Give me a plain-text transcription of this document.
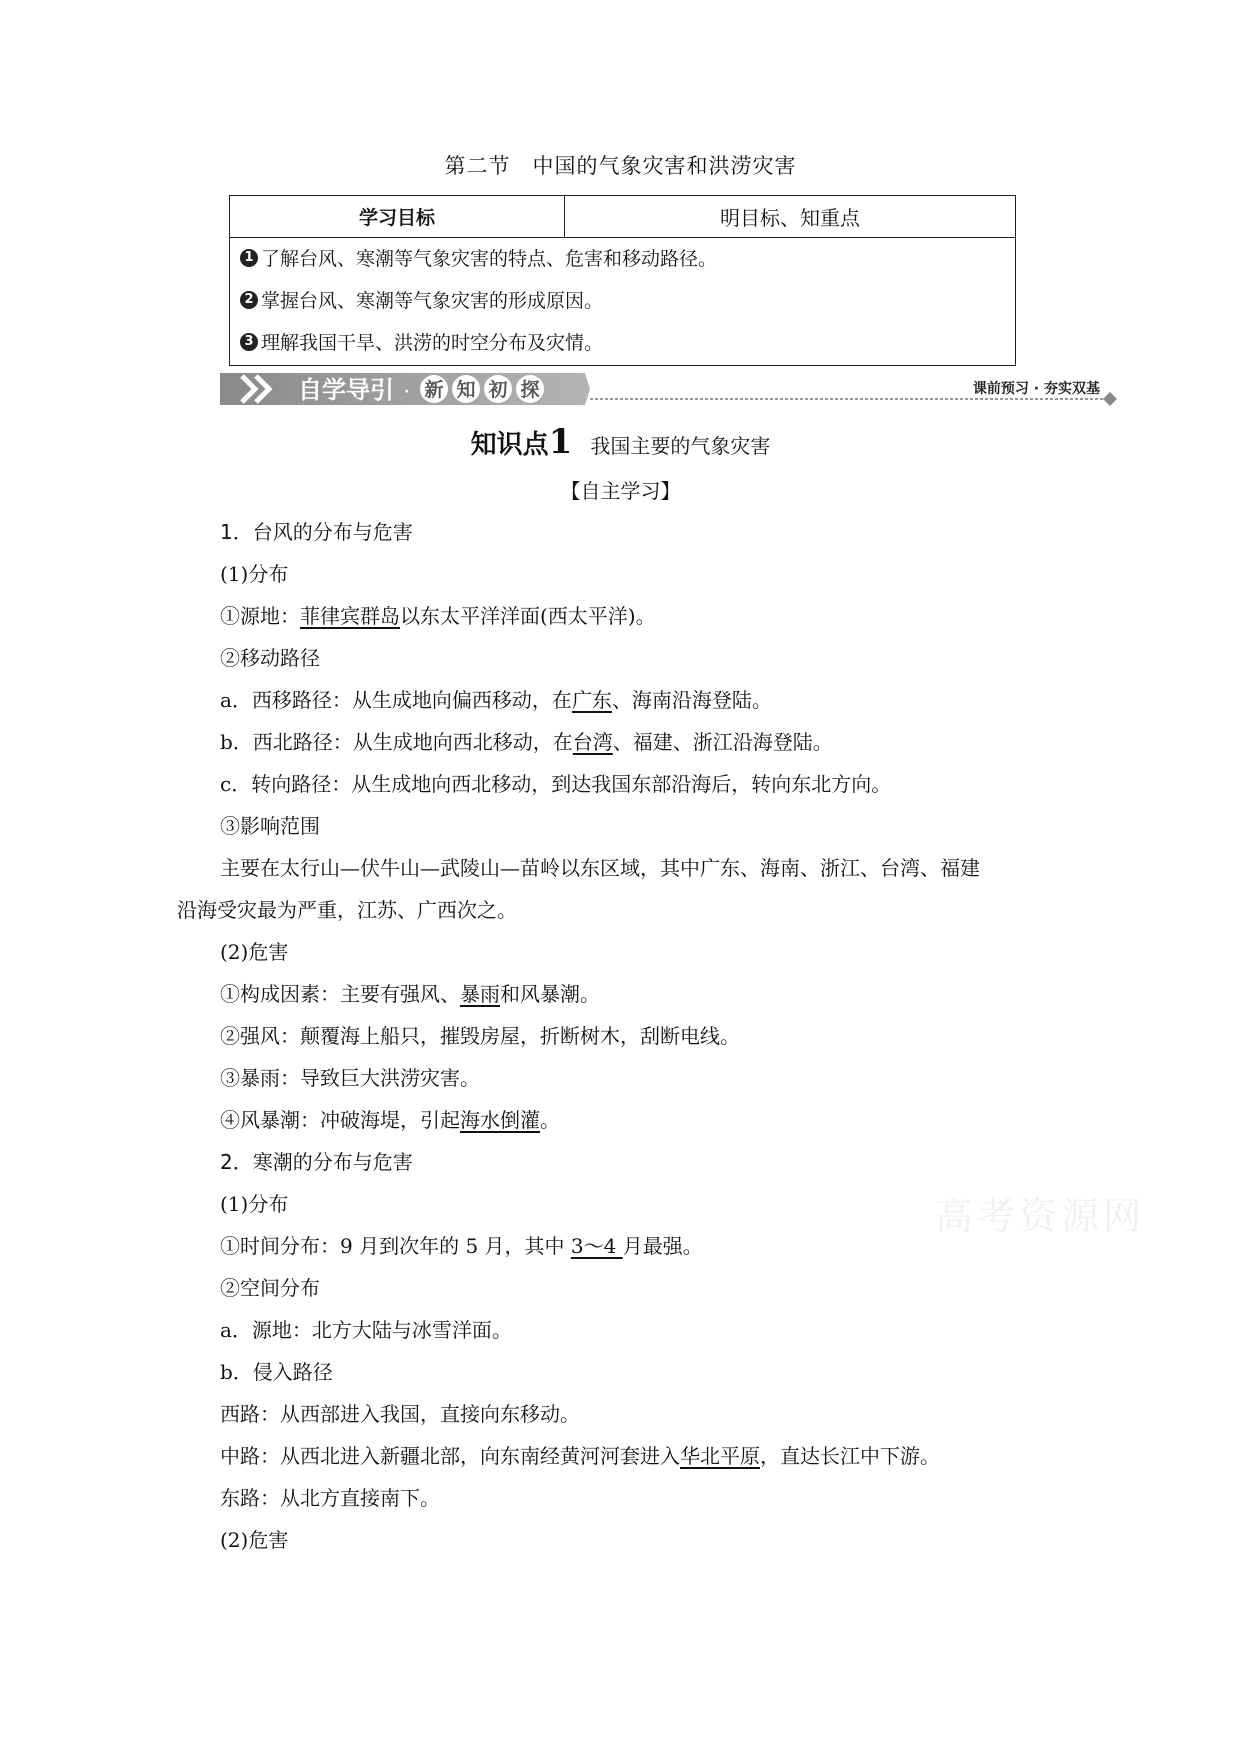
第二节　中国的气象灾害和洪涝灾害
学习目标	明目标、知重点
1 了解台风、寒潮等气象灾害的特点、危害和移动路径。
2 掌握台风、寒潮等气象灾害的形成原因。
3 理解我国干旱、洪涝的时空分布及灾情。
自学导引 · 新 知 初 探	课前预习 · 夯实双基
知识点1 我国主要的气象灾害
【自主学习】
1．台风的分布与危害
(1)分布
①源地：菲律宾群岛以东太平洋洋面(西太平洋)。
②移动路径
a．西移路径：从生成地向偏西移动，在广东、海南沿海登陆。
b．西北路径：从生成地向西北移动，在台湾、福建、浙江沿海登陆。
c．转向路径：从生成地向西北移动，到达我国东部沿海后，转向东北方向。
③影响范围
主要在太行山—伏牛山—武陵山—苗岭以东区域，其中广东、海南、浙江、台湾、福建
沿海受灾最为严重，江苏、广西次之。
(2)危害
①构成因素：主要有强风、暴雨和风暴潮。
②强风：颠覆海上船只，摧毁房屋，折断树木，刮断电线。
③暴雨：导致巨大洪涝灾害。
④风暴潮：冲破海堤，引起海水倒灌。
2．寒潮的分布与危害
(1)分布
①时间分布：9 月到次年的 5 月，其中 3～4 月最强。
②空间分布
a．源地：北方大陆与冰雪洋面。
b．侵入路径
西路：从西部进入我国，直接向东移动。
中路：从西北进入新疆北部，向东南经黄河河套进入华北平原，直达长江中下游。
东路：从北方直接南下。
(2)危害
高考资源网
